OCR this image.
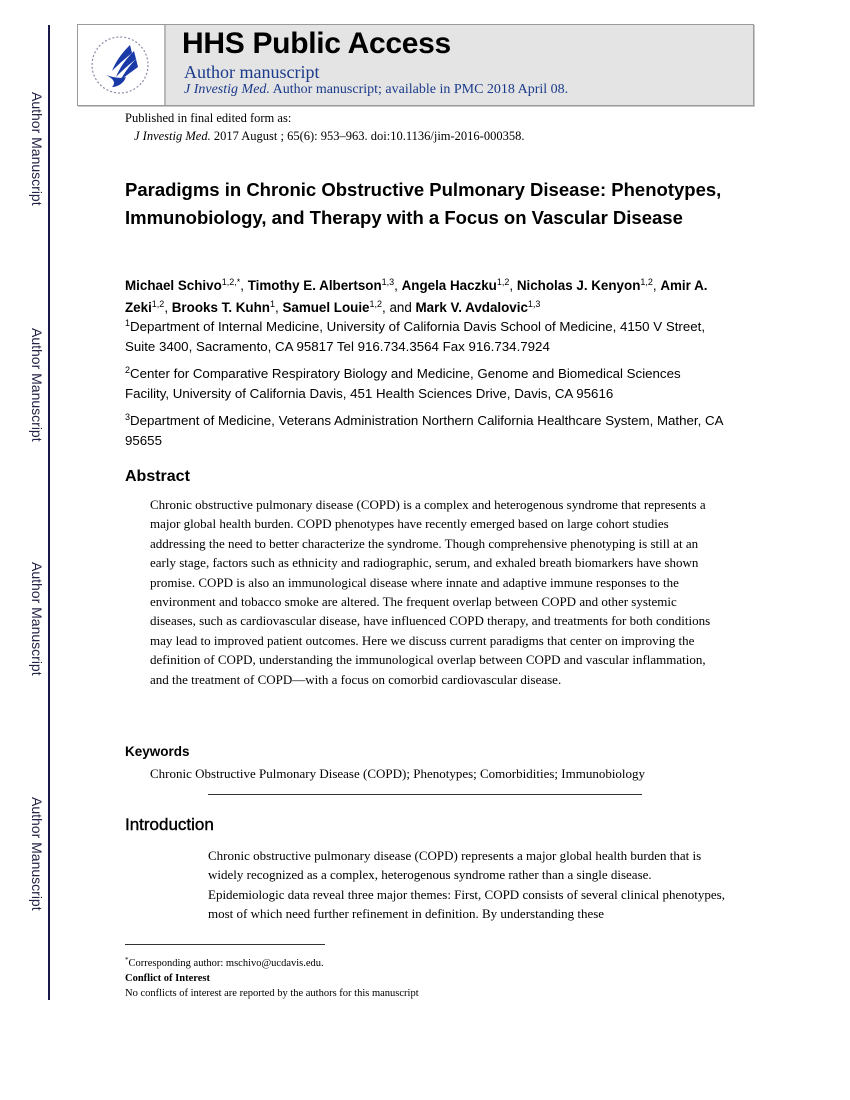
Author Manuscript
Author Manuscript
Author Manuscript
Author Manuscript
HHS Public Access
Author manuscript
J Investig Med. Author manuscript; available in PMC 2018 April 08.
Published in final edited form as:
J Investig Med. 2017 August ; 65(6): 953–963. doi:10.1136/jim-2016-000358.
Paradigms in Chronic Obstructive Pulmonary Disease: Phenotypes, Immunobiology, and Therapy with a Focus on Vascular Disease
Michael Schivo$^{1,2,*}$, Timothy E. Albertson$^{1,3}$, Angela Haczku$^{1,2}$, Nicholas J. Kenyon$^{1,2}$, Amir A. Zeki$^{1,2}$, Brooks T. Kuhn$^1$, Samuel Louie$^{1,2}$, and Mark V. Avdalovic$^{1,3}$
$^1$Department of Internal Medicine, University of California Davis School of Medicine, 4150 V Street, Suite 3400, Sacramento, CA 95817 Tel 916.734.3564 Fax 916.734.7924
$^2$Center for Comparative Respiratory Biology and Medicine, Genome and Biomedical Sciences Facility, University of California Davis, 451 Health Sciences Drive, Davis, CA 95616
$^3$Department of Medicine, Veterans Administration Northern California Healthcare System, Mather, CA 95655
Abstract
Chronic obstructive pulmonary disease (COPD) is a complex and heterogenous syndrome that represents a major global health burden. COPD phenotypes have recently emerged based on large cohort studies addressing the need to better characterize the syndrome. Though comprehensive phenotyping is still at an early stage, factors such as ethnicity and radiographic, serum, and exhaled breath biomarkers have shown promise. COPD is also an immunological disease where innate and adaptive immune responses to the environment and tobacco smoke are altered. The frequent overlap between COPD and other systemic diseases, such as cardiovascular disease, have influenced COPD therapy, and treatments for both conditions may lead to improved patient outcomes. Here we discuss current paradigms that center on improving the definition of COPD, understanding the immunological overlap between COPD and vascular inflammation, and the treatment of COPD—with a focus on comorbid cardiovascular disease.
Keywords
Chronic Obstructive Pulmonary Disease (COPD); Phenotypes; Comorbidities; Immunobiology
Introduction
Chronic obstructive pulmonary disease (COPD) represents a major global health burden that is widely recognized as a complex, heterogenous syndrome rather than a single disease. Epidemiologic data reveal three major themes: First, COPD consists of several clinical phenotypes, most of which need further refinement in definition. By understanding these
*Corresponding author: mschivo@ucdavis.edu.
Conflict of Interest
No conflicts of interest are reported by the authors for this manuscript
